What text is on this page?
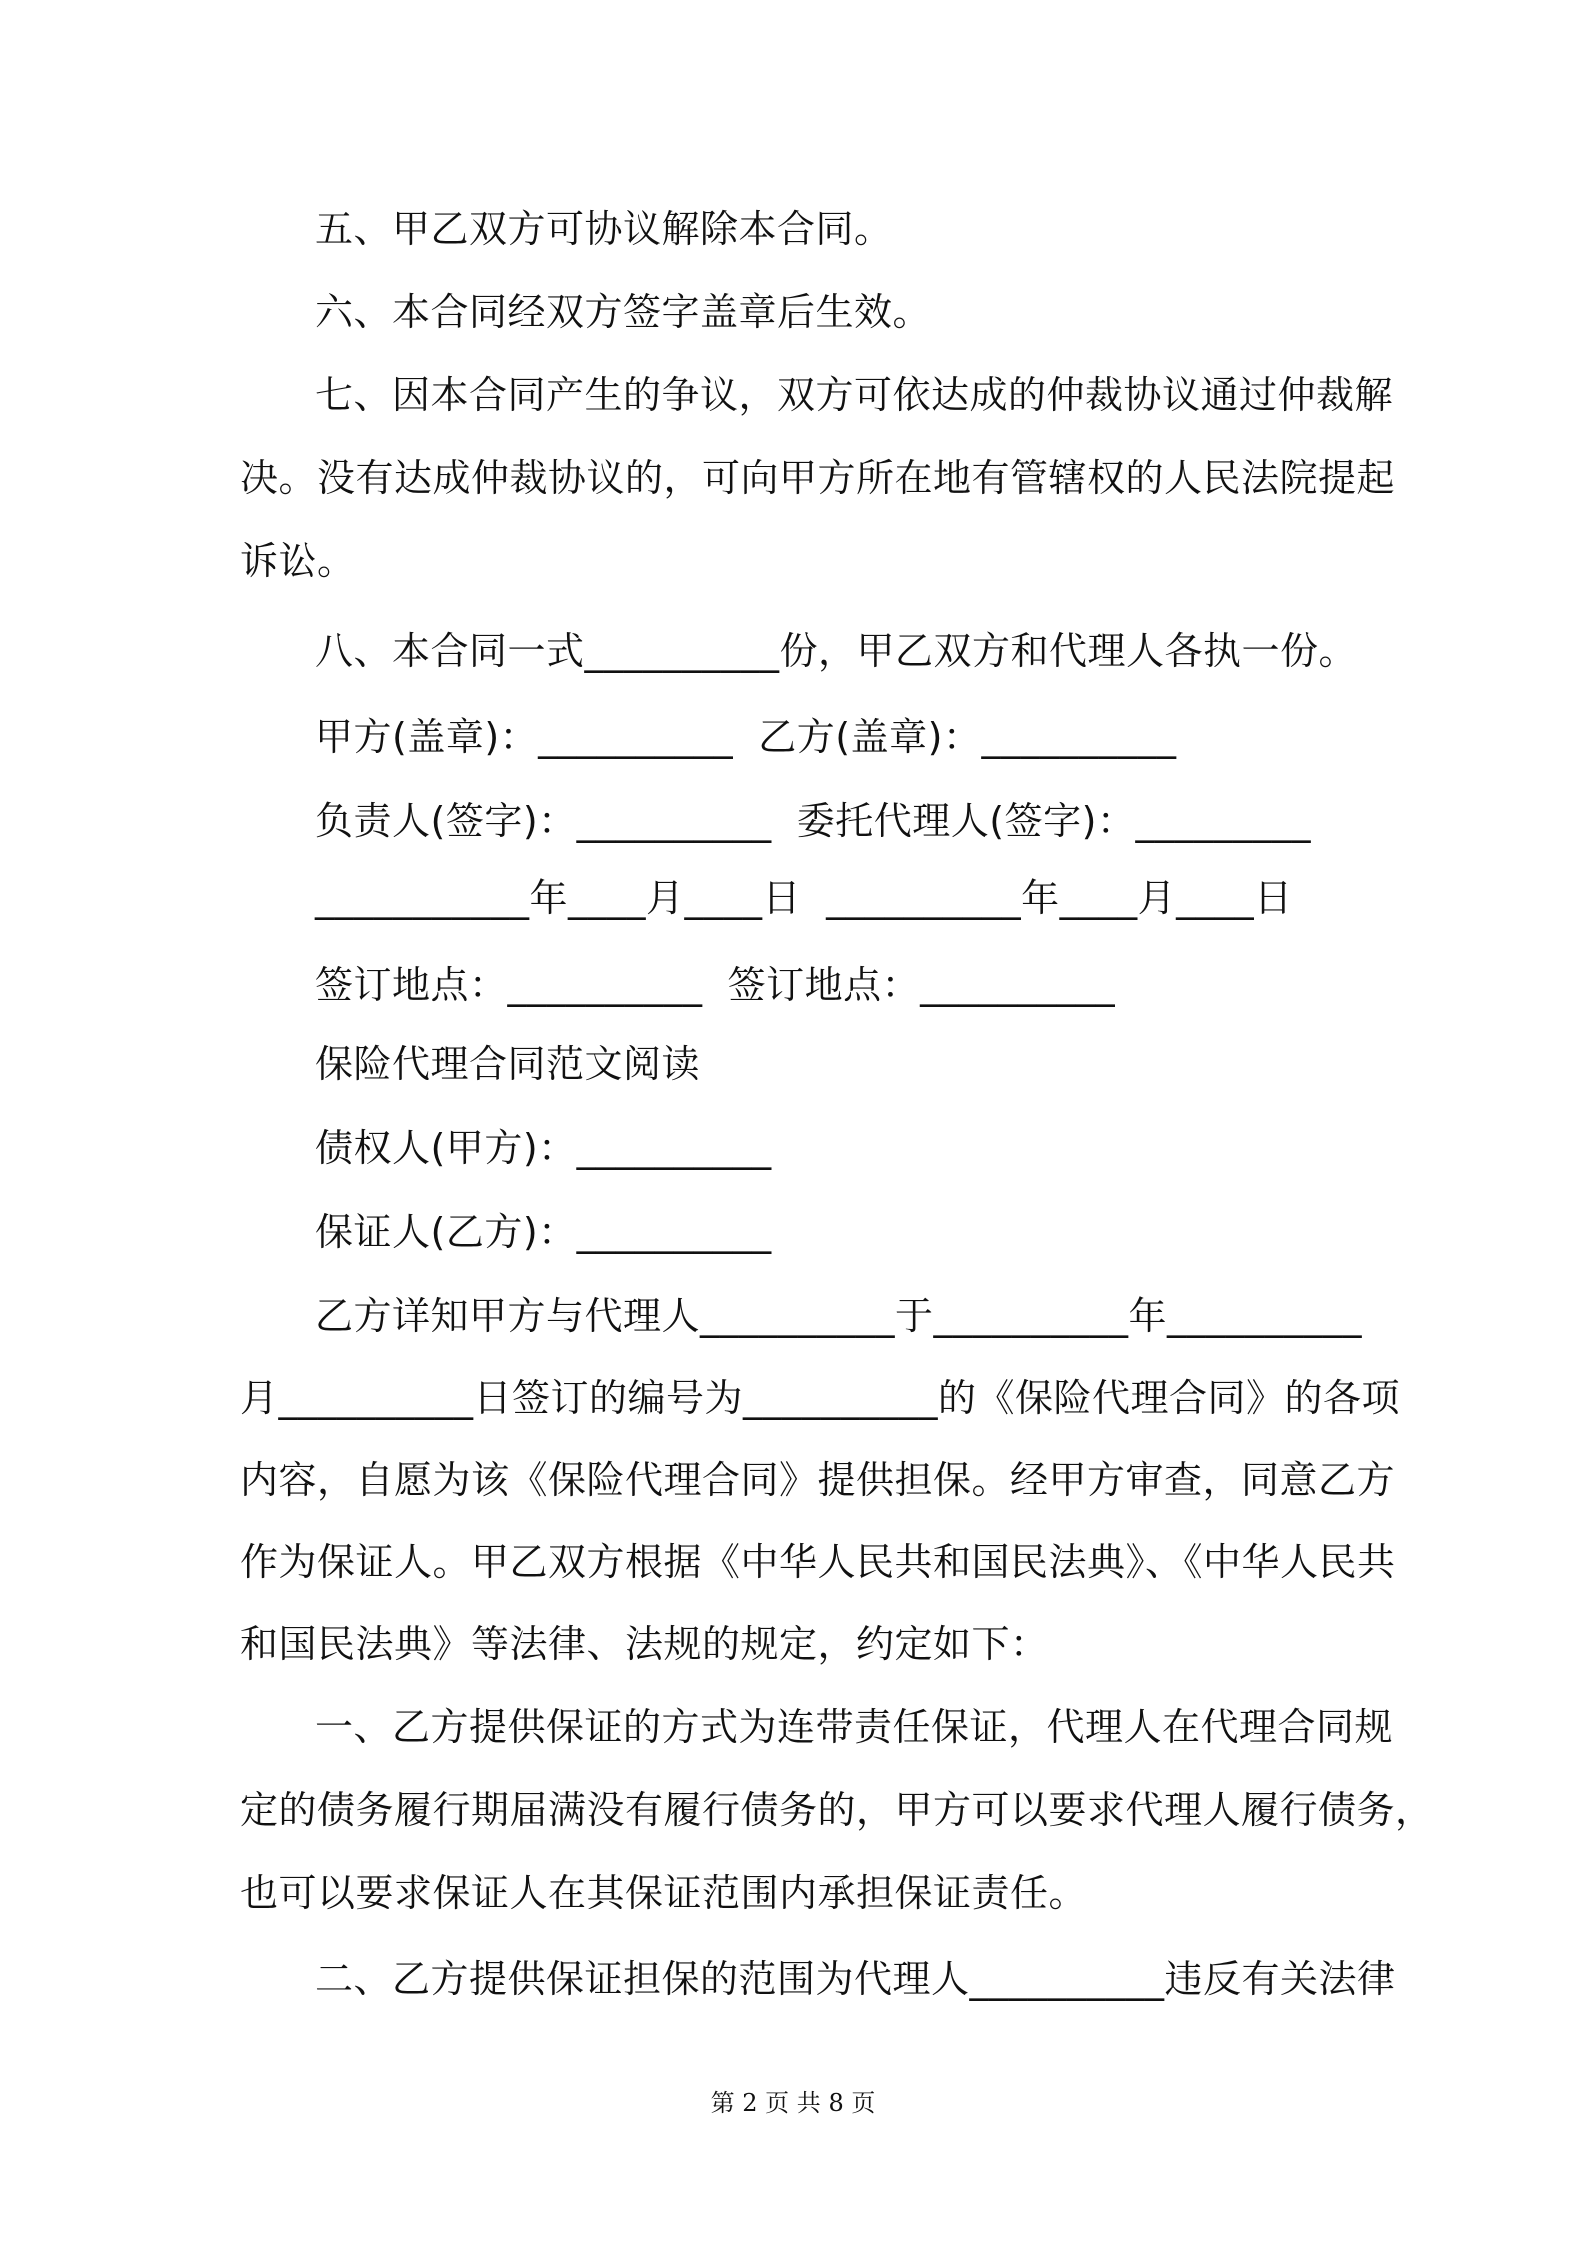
五、甲乙双方可协议解除本合同。
六、本合同经双方签字盖章后生效。
七、因本合同产生的争议，双方可依达成的仲裁协议通过仲裁解
决。没有达成仲裁协议的，可向甲方所在地有管辖权的人民法院提起
诉讼。
八、本合同一式__________份，甲乙双方和代理人各执一份。
甲方(盖章)：__________  乙方(盖章)：__________
负责人(签字)：__________  委托代理人(签字)：_________
___________年____月____日  __________年____月____日
签订地点：__________  签订地点：__________
保险代理合同范文阅读
债权人(甲方)：__________
保证人(乙方)：__________
乙方详知甲方与代理人__________于__________年__________
月__________日签订的编号为__________的《保险代理合同》的各项
内容，自愿为该《保险代理合同》提供担保。经甲方审查，同意乙方
作为保证人。甲乙双方根据《中华人民共和国民法典》、《中华人民共
和国民法典》等法律、法规的规定，约定如下：
一、乙方提供保证的方式为连带责任保证，代理人在代理合同规
定的债务履行期届满没有履行债务的，甲方可以要求代理人履行债务，
也可以要求保证人在其保证范围内承担保证责任。
二、乙方提供保证担保的范围为代理人__________违反有关法律
第 2 页 共 8 页
